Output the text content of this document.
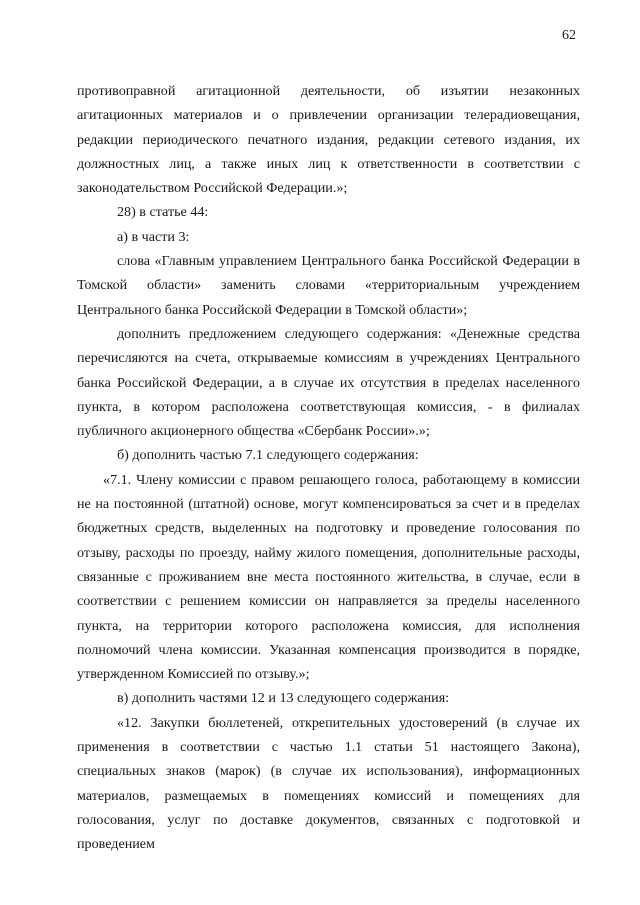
62

противоправной агитационной деятельности, об изъятии незаконных агитационных материалов и о привлечении организации телерадиовещания, редакции периодического печатного издания, редакции сетевого издания, их должностных лиц, а также иных лиц к ответственности в соответствии с законодательством Российской Федерации.»;

28) в статье 44:

а) в части 3:

слова «Главным управлением Центрального банка Российской Федерации в Томской области» заменить словами «территориальным учреждением Центрального банка Российской Федерации в Томской области»;

дополнить предложением следующего содержания: «Денежные средства перечисляются на счета, открываемые комиссиям в учреждениях Центрального банка Российской Федерации, а в случае их отсутствия в пределах населенного пункта, в котором расположена соответствующая комиссия, - в филиалах публичного акционерного общества «Сбербанк России».»;

б) дополнить частью 7.1 следующего содержания:

«7.1. Члену комиссии с правом решающего голоса, работающему в комиссии не на постоянной (штатной) основе, могут компенсироваться за счет и в пределах бюджетных средств, выделенных на подготовку и проведение голосования по отзыву, расходы по проезду, найму жилого помещения, дополнительные расходы, связанные с проживанием вне места постоянного жительства, в случае, если в соответствии с решением комиссии он направляется за пределы населенного пункта, на территории которого расположена комиссия, для исполнения полномочий члена комиссии. Указанная компенсация производится в порядке, утвержденном Комиссией по отзыву.»;

в) дополнить частями 12 и 13 следующего содержания:

«12. Закупки бюллетеней, открепительных удостоверений (в случае их применения в соответствии с частью 1.1 статьи 51 настоящего Закона), специальных знаков (марок) (в случае их использования), информационных материалов, размещаемых в помещениях комиссий и помещениях для голосования, услуг по доставке документов, связанных с подготовкой и проведением
